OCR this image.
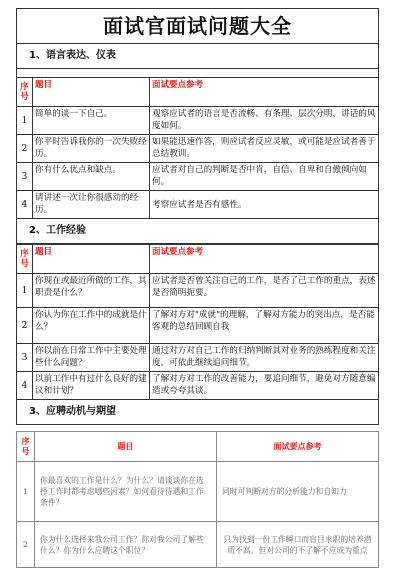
面试官面试问题大全
1、语言表达、仪表
序号	题目	面试要点参考
1	简单的谈一下自己。	观察应试者的语言是否流畅、有条理、层次分明，讲话的风度如何。
2	你平时告诉我你的一次失败经历。	如果能迅速作答，则应试者反应灵敏，或可能是应试者善于总结教训。
3	你有什么优点和缺点。	应试者对自己的判断是否中肯，自信、自卑和自傲倾向如何。
4	请讲述一次让你很感动的经历。	考察应试者是否有感性。
2、工作经验
序号	题目	面试要点参考
1	你现在或最近所做的工作，其职责是什么？	应试者是否曾关注自己的工作，是否了己工作的重点，表述是否简明扼要。
2	你认为你在工作中的成就是什么？	了解对方对"成就"的理解，了解对方能力的突出点，是否能客观的总结回顾自我
3	你以前在日常工作中主要处理些什么问题？	通过对方对自己工作的归纳判断其对业务的熟练程度和关注度，可依此继续追问细节。
4	以前工作中有过什么良好的建议和计划？	了解对方对工作的改善能力，要追问细节，避免对方随意编造或夸夸其谈。
3、应聘动机与期望
序号	题目	面试要点参考
1	你最喜欢的工作是什么？为什么？请谈谈你在选择工作时都考虑哪些因素？如何看待待遇和工作条件？	同时可判断对方的分析能力和自知力
2	你为什么选择来我公司工作？你对我公司了解些什么？你为什么应聘这个职位？	只为找到一份工作瞬口而盲目求职的培养潜质不高，但对公司的不了解不应成为重点
